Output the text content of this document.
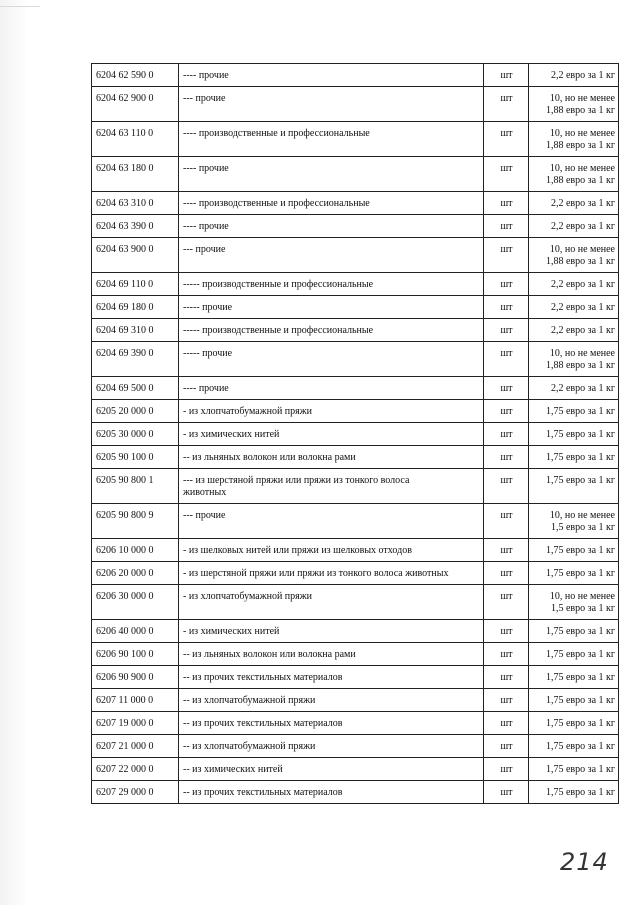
6204 62 590 0	---- прочие	шт	2,2 евро за 1 кг
6204 62 900 0	--- прочие	шт	10, но не менее
1,88 евро за 1 кг
6204 63 110 0	---- производственные и профессиональные	шт	10, но не менее
1,88 евро за 1 кг
6204 63 180 0	---- прочие	шт	10, но не менее
1,88 евро за 1 кг
6204 63 310 0	---- производственные и профессиональные	шт	2,2 евро за 1 кг
6204 63 390 0	---- прочие	шт	2,2 евро за 1 кг
6204 63 900 0	--- прочие	шт	10, но не менее
1,88 евро за 1 кг
6204 69 110 0	----- производственные и профессиональные	шт	2,2 евро за 1 кг
6204 69 180 0	----- прочие	шт	2,2 евро за 1 кг
6204 69 310 0	----- производственные и профессиональные	шт	2,2 евро за 1 кг
6204 69 390 0	----- прочие	шт	10, но не менее
1,88 евро за 1 кг
6204 69 500 0	---- прочие	шт	2,2 евро за 1 кг
6205 20 000 0	- из хлопчатобумажной пряжи	шт	1,75 евро за 1 кг
6205 30 000 0	- из химических нитей	шт	1,75 евро за 1 кг
6205 90 100 0	-- из льняных волокон или волокна рами	шт	1,75 евро за 1 кг
6205 90 800 1	--- из шерстяной пряжи или пряжи из тонкого волоса
животных	шт	1,75 евро за 1 кг
6205 90 800 9	--- прочие	шт	10, но не менее
1,5 евро за 1 кг
6206 10 000 0	- из шелковых нитей или пряжи из шелковых отходов	шт	1,75 евро за 1 кг
6206 20 000 0	- из шерстяной пряжи или пряжи из тонкого волоса животных	шт	1,75 евро за 1 кг
6206 30 000 0	- из хлопчатобумажной пряжи	шт	10, но не менее
1,5 евро за 1 кг
6206 40 000 0	- из химических нитей	шт	1,75 евро за 1 кг
6206 90 100 0	-- из льняных волокон или волокна рами	шт	1,75 евро за 1 кг
6206 90 900 0	-- из прочих текстильных материалов	шт	1,75 евро за 1 кг
6207 11 000 0	-- из хлопчатобумажной пряжи	шт	1,75 евро за 1 кг
6207 19 000 0	-- из прочих текстильных материалов	шт	1,75 евро за 1 кг
6207 21 000 0	-- из хлопчатобумажной пряжи	шт	1,75 евро за 1 кг
6207 22 000 0	-- из химических нитей	шт	1,75 евро за 1 кг
6207 29 000 0	-- из прочих текстильных материалов	шт	1,75 евро за 1 кг
214
